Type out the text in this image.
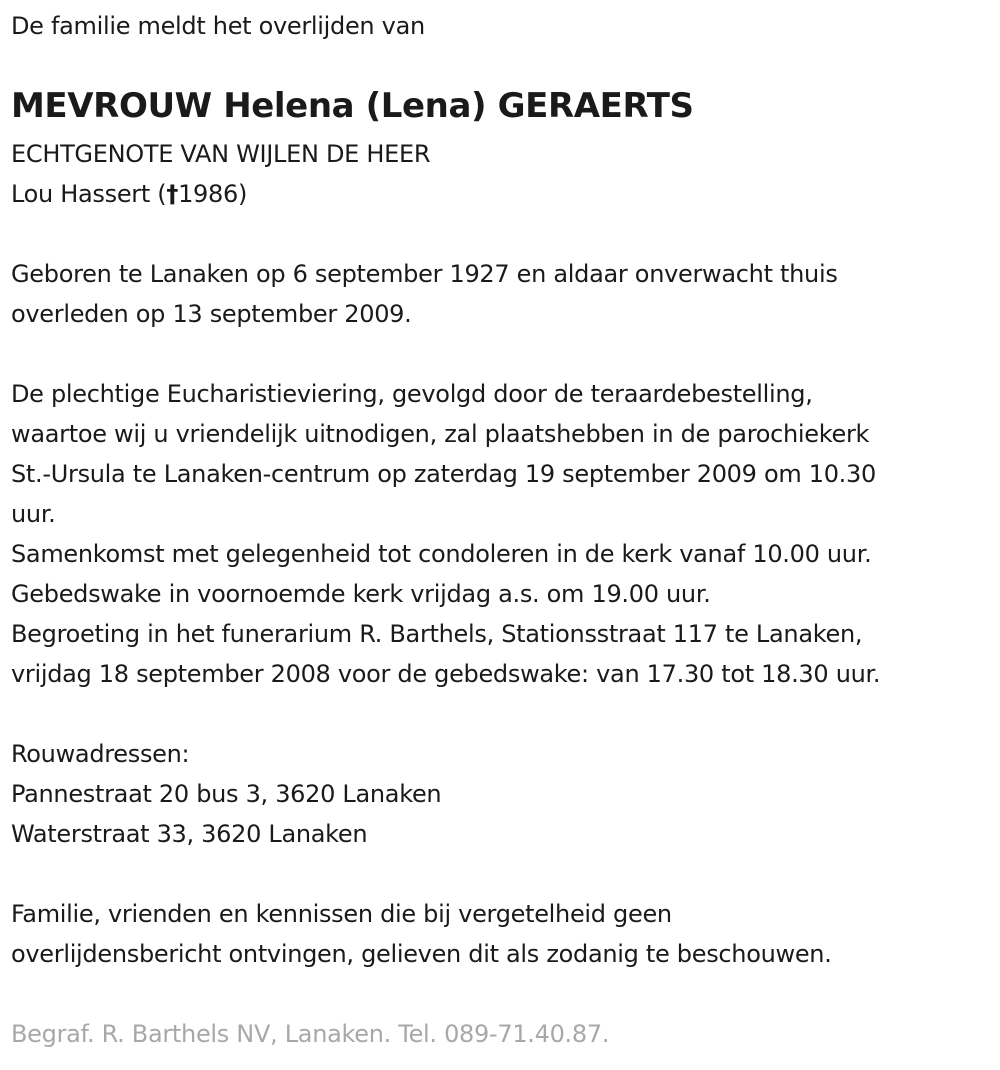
De familie meldt het overlijden van
MEVROUW Helena (Lena) GERAERTS
ECHTGENOTE VAN WIJLEN DE HEER
Lou Hassert (†1986)
Geboren te Lanaken op 6 september 1927 en aldaar onverwacht thuis
overleden op 13 september 2009.
De plechtige Eucharistieviering, gevolgd door de teraardebestelling,
waartoe wij u vriendelijk uitnodigen, zal plaatshebben in de parochiekerk
St.-Ursula te Lanaken-centrum op zaterdag 19 september 2009 om 10.30
uur.
Samenkomst met gelegenheid tot condoleren in de kerk vanaf 10.00 uur.
Gebedswake in voornoemde kerk vrijdag a.s. om 19.00 uur.
Begroeting in het funerarium R. Barthels, Stationsstraat 117 te Lanaken,
vrijdag 18 september 2008 voor de gebedswake: van 17.30 tot 18.30 uur.
Rouwadressen:
Pannestraat 20 bus 3, 3620 Lanaken
Waterstraat 33, 3620 Lanaken
Familie, vrienden en kennissen die bij vergetelheid geen
overlijdensbericht ontvingen, gelieven dit als zodanig te beschouwen.
Begraf. R. Barthels NV, Lanaken. Tel. 089-71.40.87.
